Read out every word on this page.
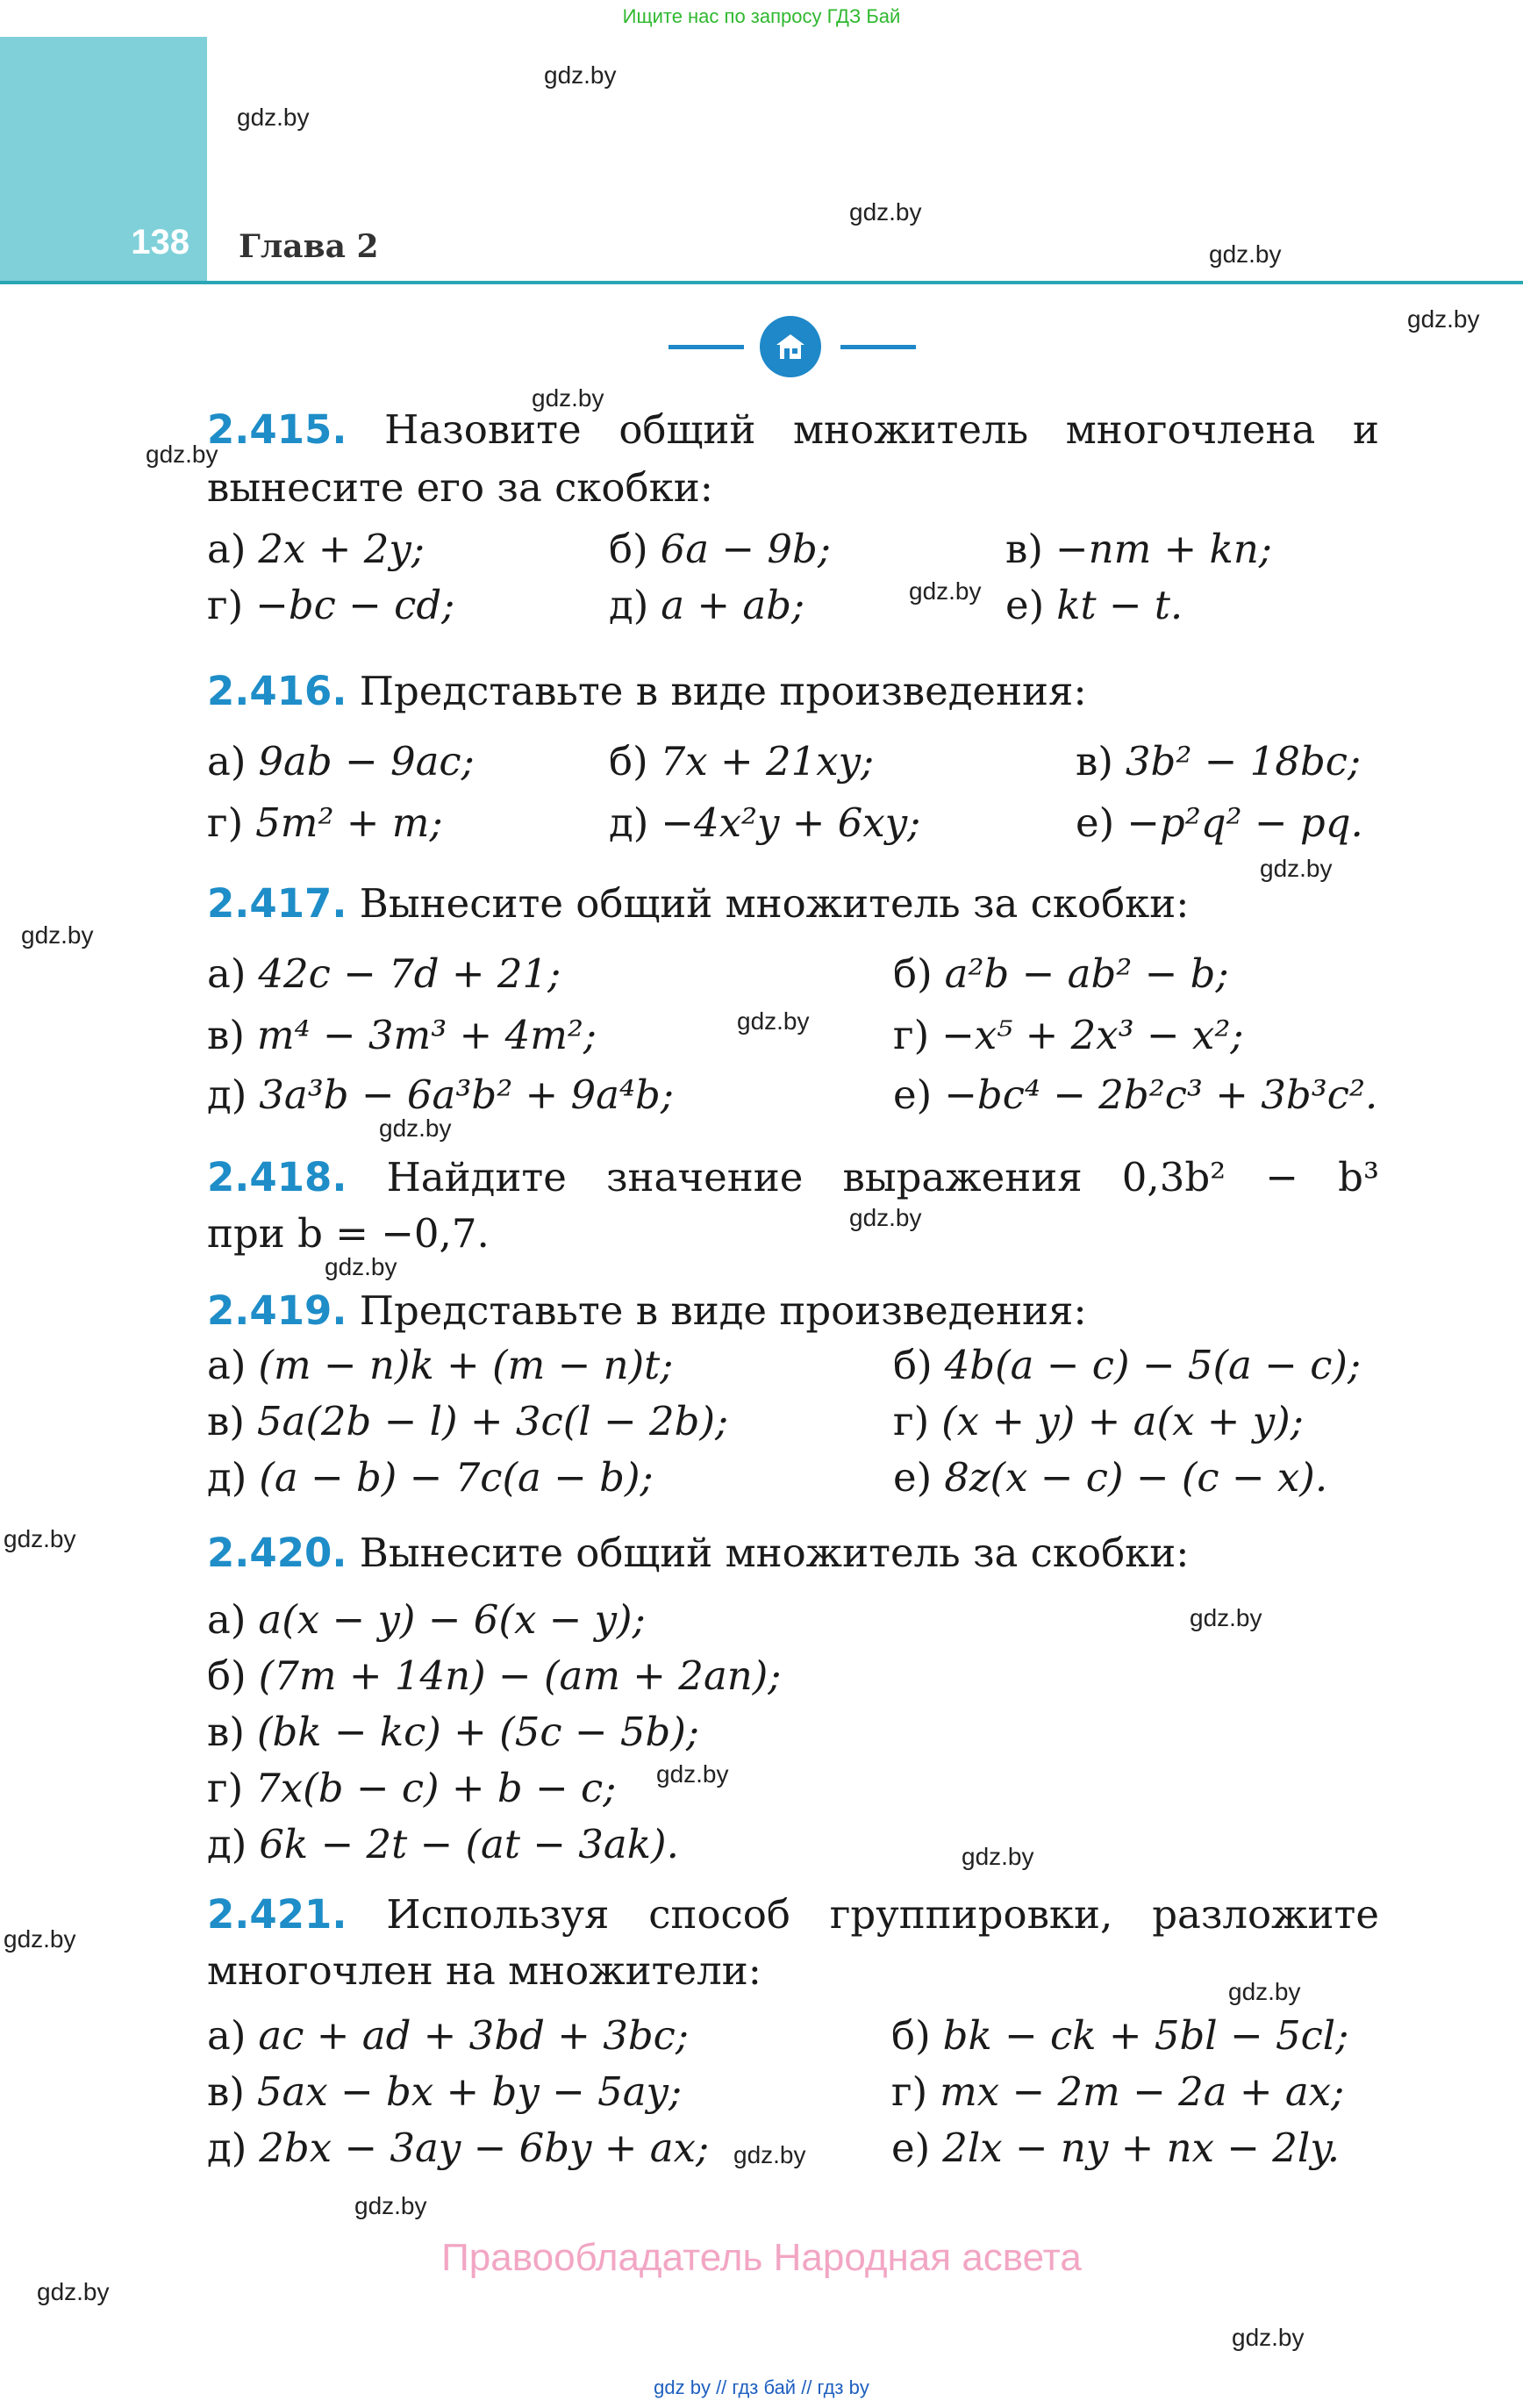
Ищите нас по запросу ГДЗ Бай
138 Глава 2
2.415. Назовите общий множитель многочлена и
вынесите его за скобки:
а) 2x + 2y;	б) 6a − 9b;	в) −nm + kn;
г) −bc − cd;	д) a + ab;	е) kt − t.
2.416. Представьте в виде произведения:
а) 9ab − 9ac;	б) 7x + 21xy;	в) 3b² − 18bc;
г) 5m² + m;	д) −4x²y + 6xy;	е) −p²q² − pq.
2.417. Вынесите общий множитель за скобки:
а) 42c − 7d + 21;	б) a²b − ab² − b;
в) m⁴ − 3m³ + 4m²;	г) −x⁵ + 2x³ − x²;
д) 3a³b − 6a³b² + 9a⁴b;	е) −bc⁴ − 2b²c³ + 3b³c².
2.418. Найдите значение выражения 0,3b² − b³
при b = −0,7.
2.419. Представьте в виде произведения:
а) (m − n)k + (m − n)t;	б) 4b(a − c) − 5(a − c);
в) 5a(2b − l) + 3c(l − 2b);	г) (x + y) + a(x + y);
д) (a − b) − 7c(a − b);	е) 8z(x − c) − (c − x).
2.420. Вынесите общий множитель за скобки:
а) a(x − y) − 6(x − y);
б) (7m + 14n) − (am + 2an);
в) (bk − kc) + (5c − 5b);
г) 7x(b − c) + b − c;
д) 6k − 2t − (at − 3ak).
2.421. Используя способ группировки, разложите
многочлен на множители:
а) ac + ad + 3bd + 3bc;	б) bk − ck + 5bl − 5cl;
в) 5ax − bx + by − 5ay;	г) mx − 2m − 2a + ax;
д) 2bx − 3ay − 6by + ax;	е) 2lx − ny + nx − 2ly.
gdz.by
gdz.by
gdz.by
gdz.by
gdz.by
gdz.by
gdz.by
gdz.by
gdz.by
gdz.by
gdz.by
gdz.by
gdz.by
gdz.by
gdz.by
gdz.by
gdz.by
gdz.by
gdz.by
gdz.by
gdz.by
gdz.by
gdz.by
gdz.by
Правообладатель Народная асвета
gdz by // гдз бай // гдз by
